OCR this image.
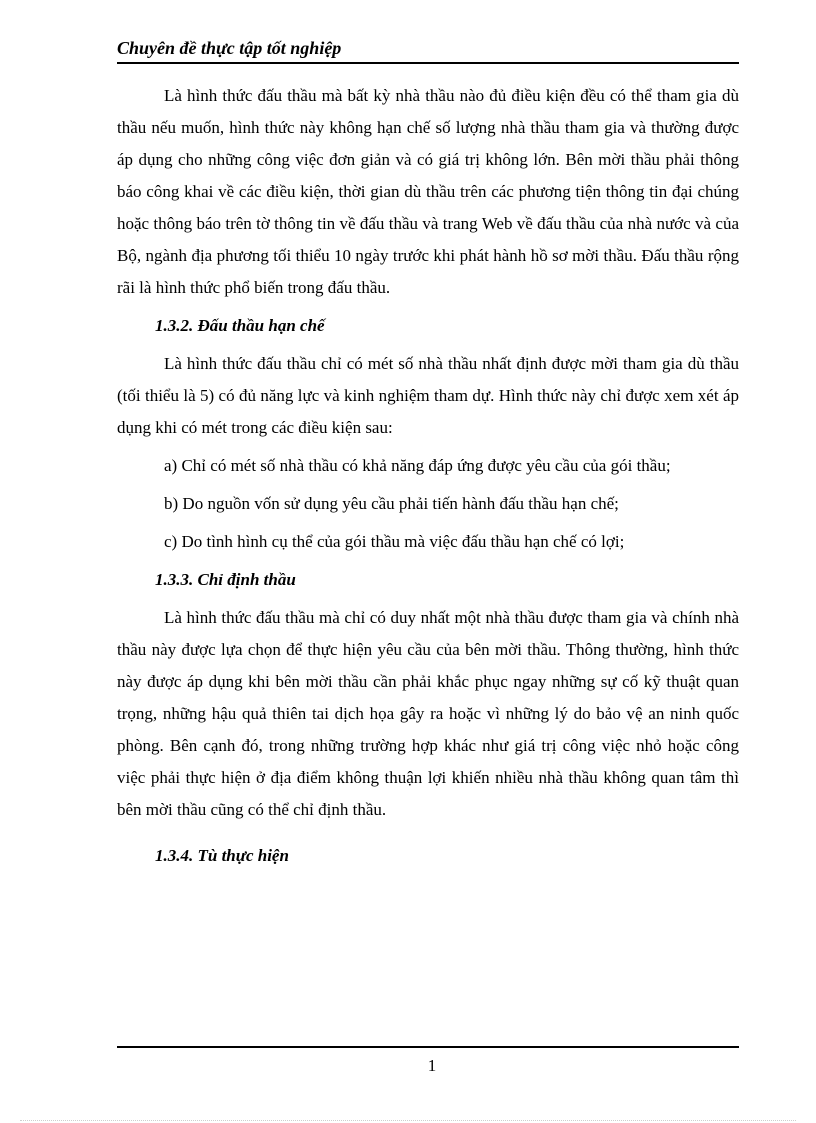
Chuyên đề thực tập tốt nghiệp

Là hình thức đấu thầu mà bất kỳ nhà thầu nào đủ điều kiện đều có thể tham gia dù thầu nếu muốn, hình thức này không hạn chế số lượng nhà thầu tham gia và thường được áp dụng cho những công việc đơn giản và có giá trị không lớn. Bên mời thầu phải thông báo công khai về các điều kiện, thời gian dù thầu trên các phương tiện thông tin đại chúng hoặc thông báo trên tờ thông tin về đấu thầu và trang Web về đấu thầu của nhà nước và của Bộ, ngành địa phương tối thiểu 10 ngày trước khi phát hành hồ sơ mời thầu. Đấu thầu rộng rãi là hình thức phổ biến trong đấu thầu.

1.3.2. Đấu thầu hạn chế

Là hình thức đấu thầu chỉ có mét số nhà thầu nhất định được mời tham gia dù thầu (tối thiểu là 5) có đủ năng lực và kinh nghiệm tham dự. Hình thức này chỉ được xem xét áp dụng khi có mét trong các điều kiện sau:

a) Chỉ có mét số nhà thầu có khả năng đáp ứng được yêu cầu của gói thầu;
b) Do nguồn vốn sử dụng yêu cầu phải tiến hành đấu thầu hạn chế;
c) Do tình hình cụ thể của gói thầu mà việc đấu thầu hạn chế có lợi;
1.3.3. Chỉ định thầu

Là hình thức đấu thầu mà chỉ có duy nhất một nhà thầu được tham gia và chính nhà thầu này được lựa chọn để thực hiện yêu cầu của bên mời thầu. Thông thường, hình thức này được áp dụng khi bên mời thầu cần phải khắc phục ngay những sự cố kỹ thuật quan trọng, những hậu quả thiên tai dịch họa gây ra hoặc vì những lý do bảo vệ an ninh quốc phòng. Bên cạnh đó, trong những trường hợp khác như giá trị công việc nhỏ hoặc công việc phải thực hiện ở địa điểm không thuận lợi khiến nhiều nhà thầu không quan tâm thì bên mời thầu cũng có thể chỉ định thầu.

1.3.4. Tù thực hiện
1
